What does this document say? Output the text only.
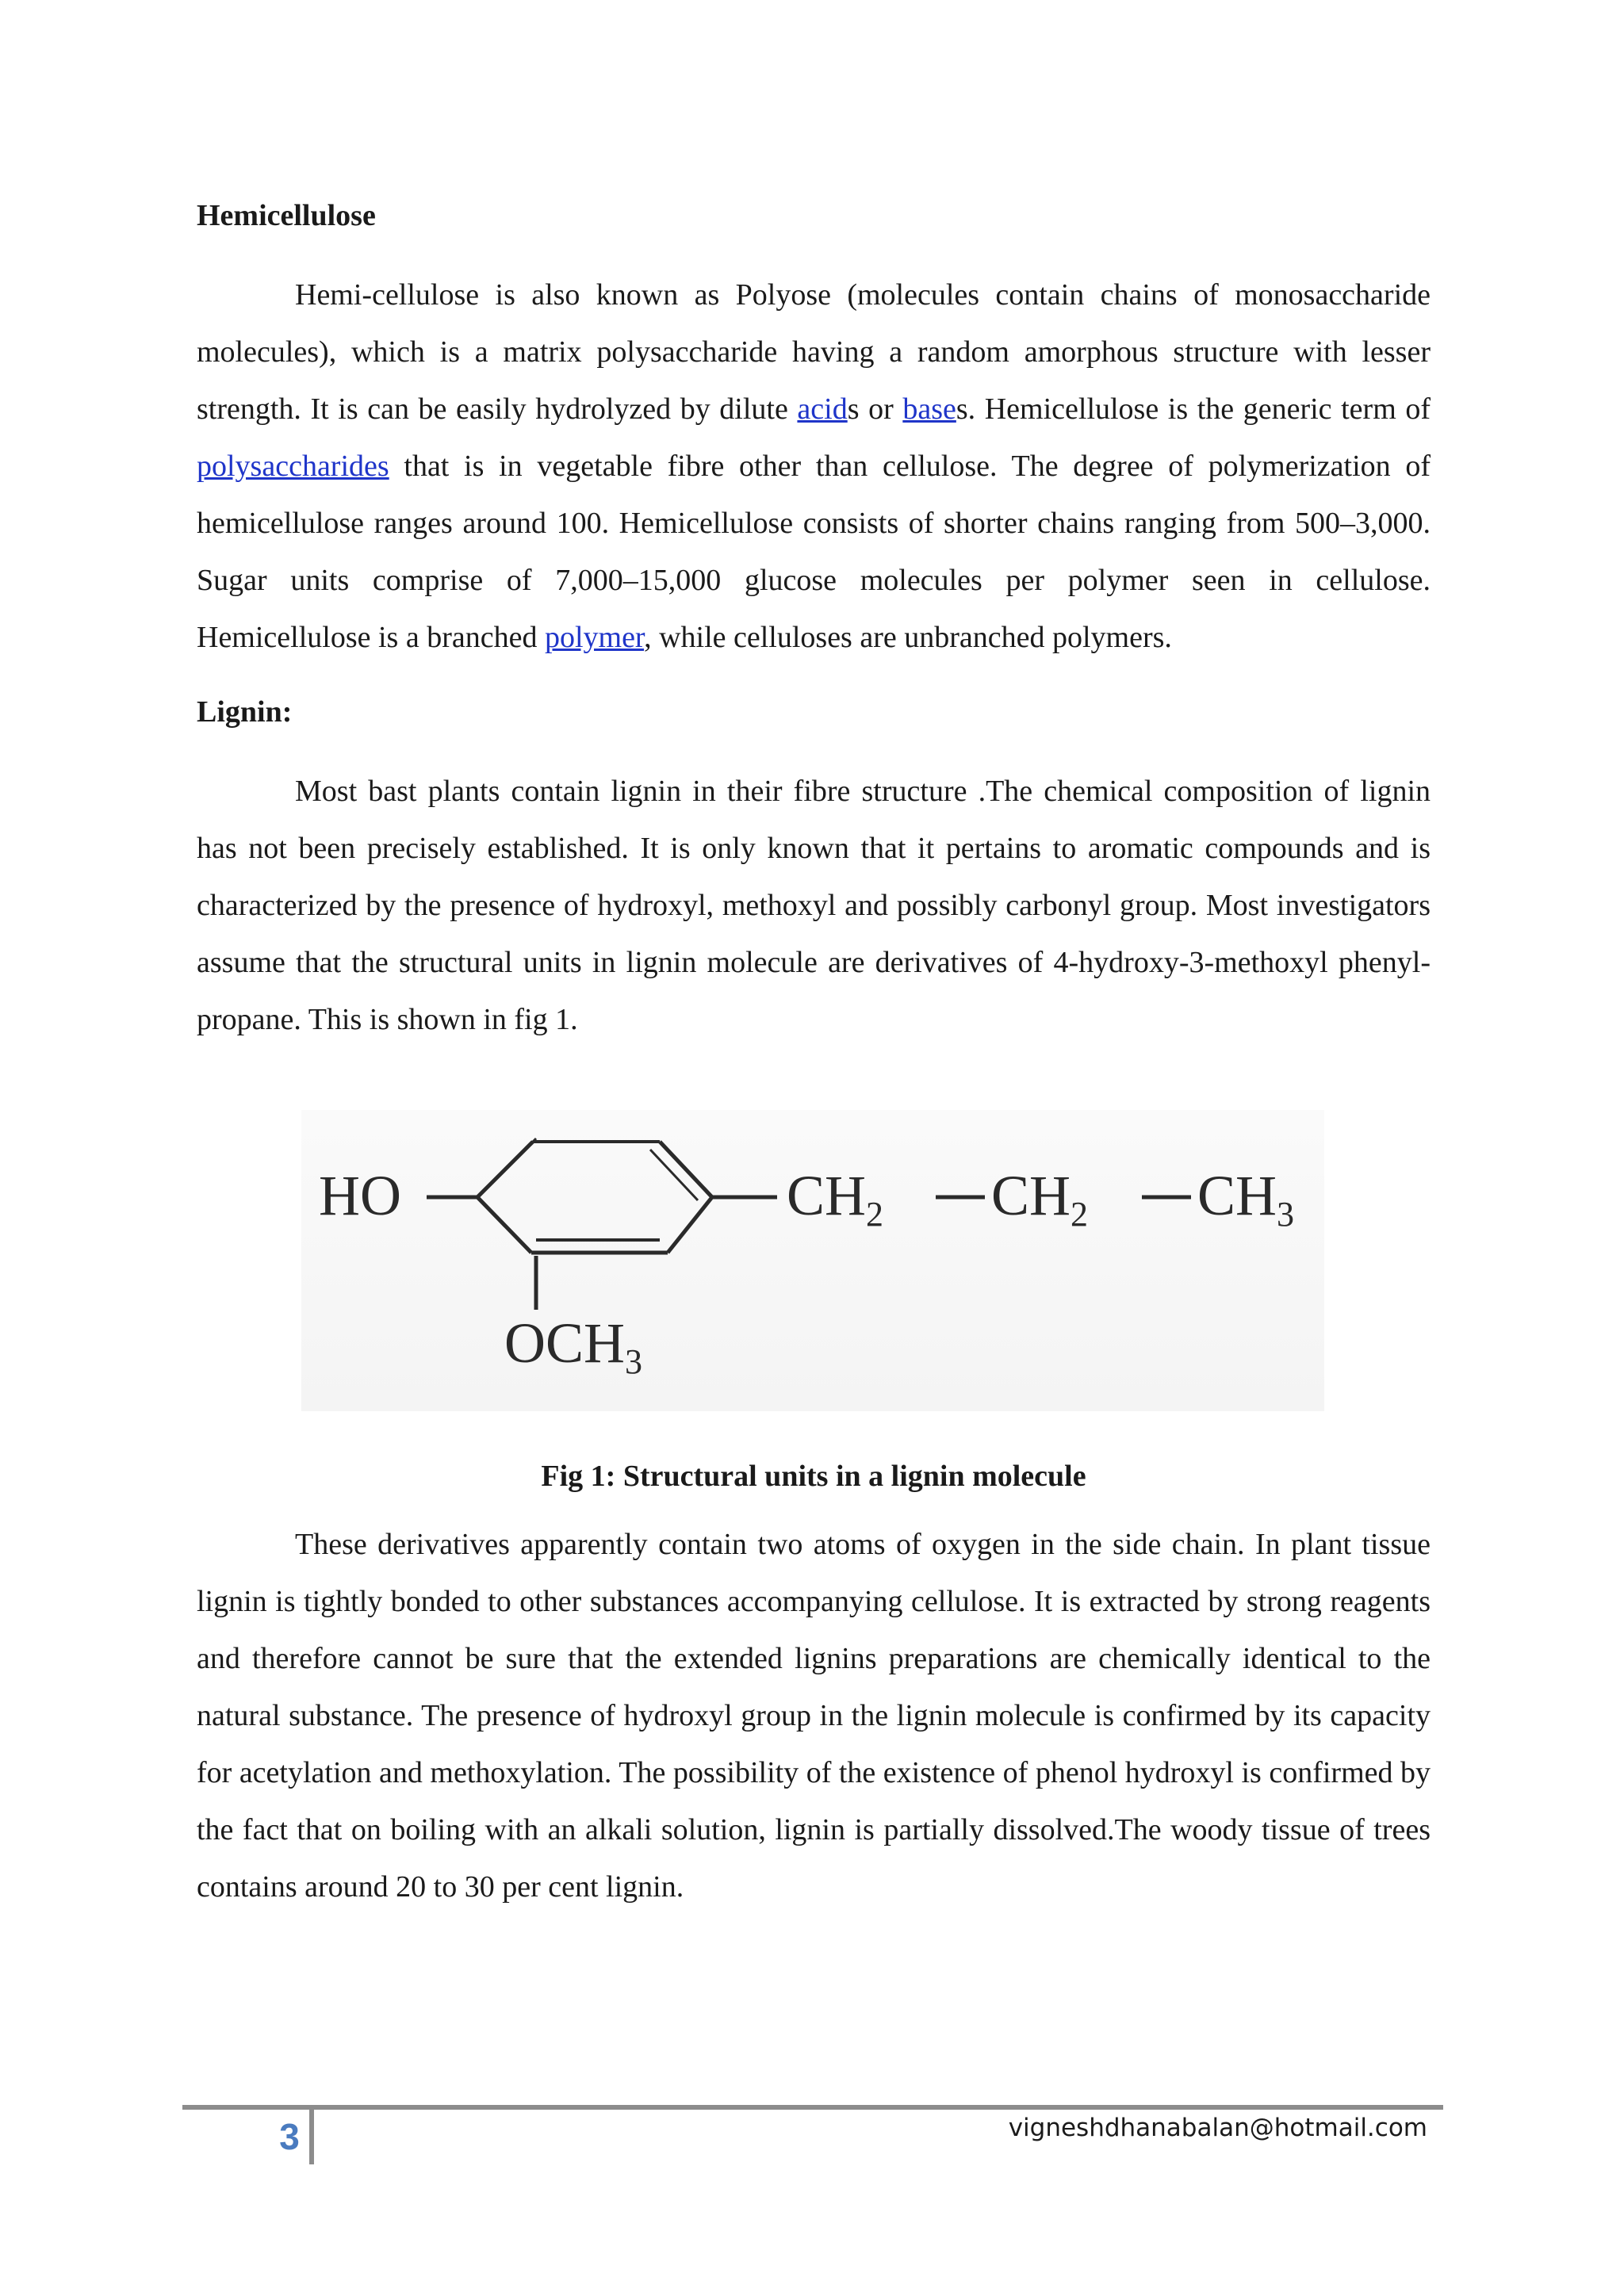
Hemicellulose

Hemi-cellulose is also known as Polyose (molecules contain chains of monosaccharide molecules), which is a matrix polysaccharide having a random amorphous structure with lesser strength. It is can be easily hydrolyzed by dilute acids or bases. Hemicellulose is the generic term of polysaccharides that is in vegetable fibre other than cellulose. The degree of polymerization of hemicellulose ranges around 100. Hemicellulose consists of shorter chains ranging from 500–3,000. Sugar units comprise of 7,000–15,000 glucose molecules per polymer seen in cellulose. Hemicellulose is a branched polymer, while celluloses are unbranched polymers.

Lignin:

Most bast plants contain lignin in their fibre structure .The chemical composition of lignin has not been precisely established. It is only known that it pertains to aromatic compounds and is characterized by the presence of hydroxyl, methoxyl and possibly carbonyl group. Most investigators assume that the structural units in lignin molecule are derivatives of 4-hydroxy-3-methoxyl phenyl-propane. This is shown in fig 1.

HO	CH2 CH2 CH3
OCH3
Fig 1: Structural units in a lignin molecule

These derivatives apparently contain two atoms of oxygen in the side chain. In plant tissue lignin is tightly bonded to other substances accompanying cellulose. It is extracted by strong reagents and therefore cannot be sure that the extended lignins preparations are chemically identical to the natural substance. The presence of hydroxyl group in the lignin molecule is confirmed by its capacity for acetylation and methoxylation. The possibility of the existence of phenol hydroxyl is confirmed by the fact that on boiling with an alkali solution, lignin is partially dissolved.The woody tissue of trees contains around 20 to 30 per cent lignin.

3	vigneshdhanabalan@hotmail.com
